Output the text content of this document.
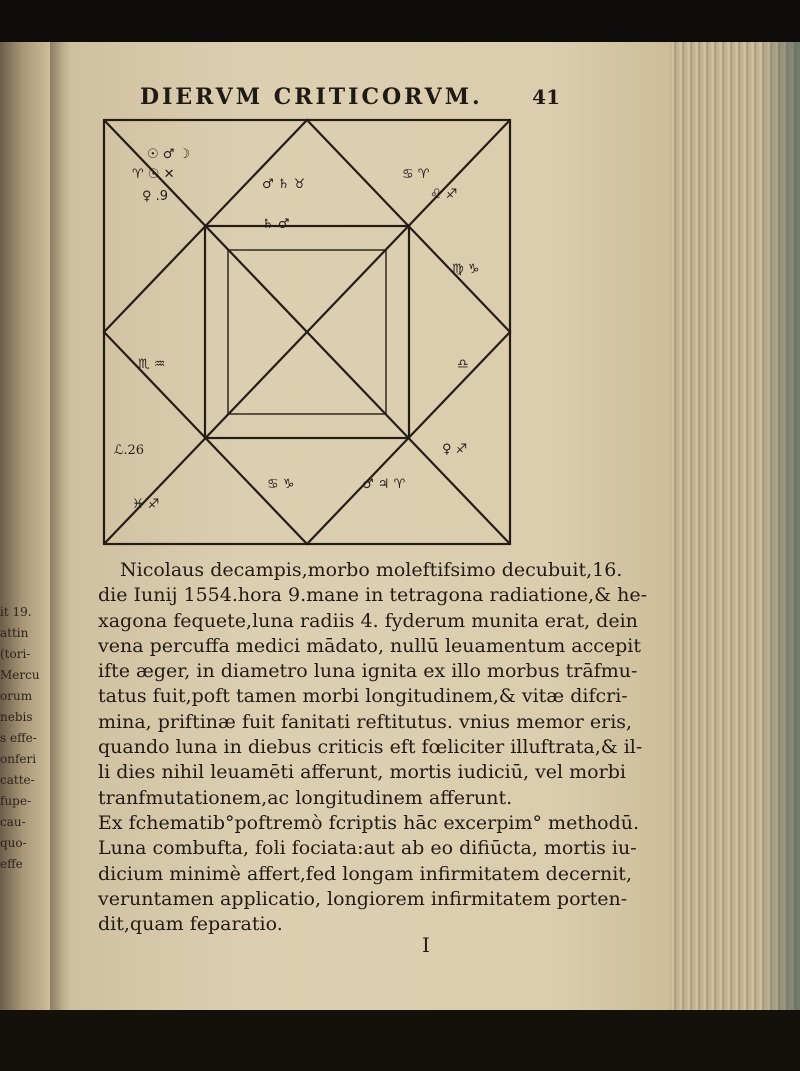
it 19.
attin
(tori-
Mercu
orum
nebis
s effe-
onferi
catte-
fupe-
cau-
quo-
effe
DIERVM CRITICORVM. 41
☉ ♂ ☽
♈ ☉ ✕
♀ .9
♂ ♄ ♉
♋ ♈
♌ ♐
♍ ♑
♎
♏ ♒
♓ ♐
♋ ♑	♂ ♃ ♈
♀ ♐
ℒ.26
♄ ♂
Nicolaus decampis,morbo moleftifsimo decubuit,16.
die Iunij 1554.hora 9.mane in tetragona radiatione,& he-
xagona fequete,luna radiis 4. fyderum munita erat, dein
vena percuffa medici mādato, nullū leuamentum accepit
ifte æger, in diametro luna ignita ex illo morbus trāfmu-
tatus fuit,poft tamen morbi longitudinem,& vitæ difcri-
mina, priftinæ fuit fanitati reftitutus. vnius memor eris,
quando luna in diebus criticis eft fœliciter illuftrata,& il-
li dies nihil leuamēti afferunt, mortis iudiciū, vel morbi
tranfmutationem,ac longitudinem afferunt.
Ex fchematib°poftremò fcriptis hāc excerpim° methodū.
Luna combufta, foli fociata:aut ab eo difiūcta, mortis iu-
dicium minimè affert,fed longam infirmitatem decernit,
veruntamen applicatio, longiorem infirmitatem porten-
dit,quam feparatio.
I
